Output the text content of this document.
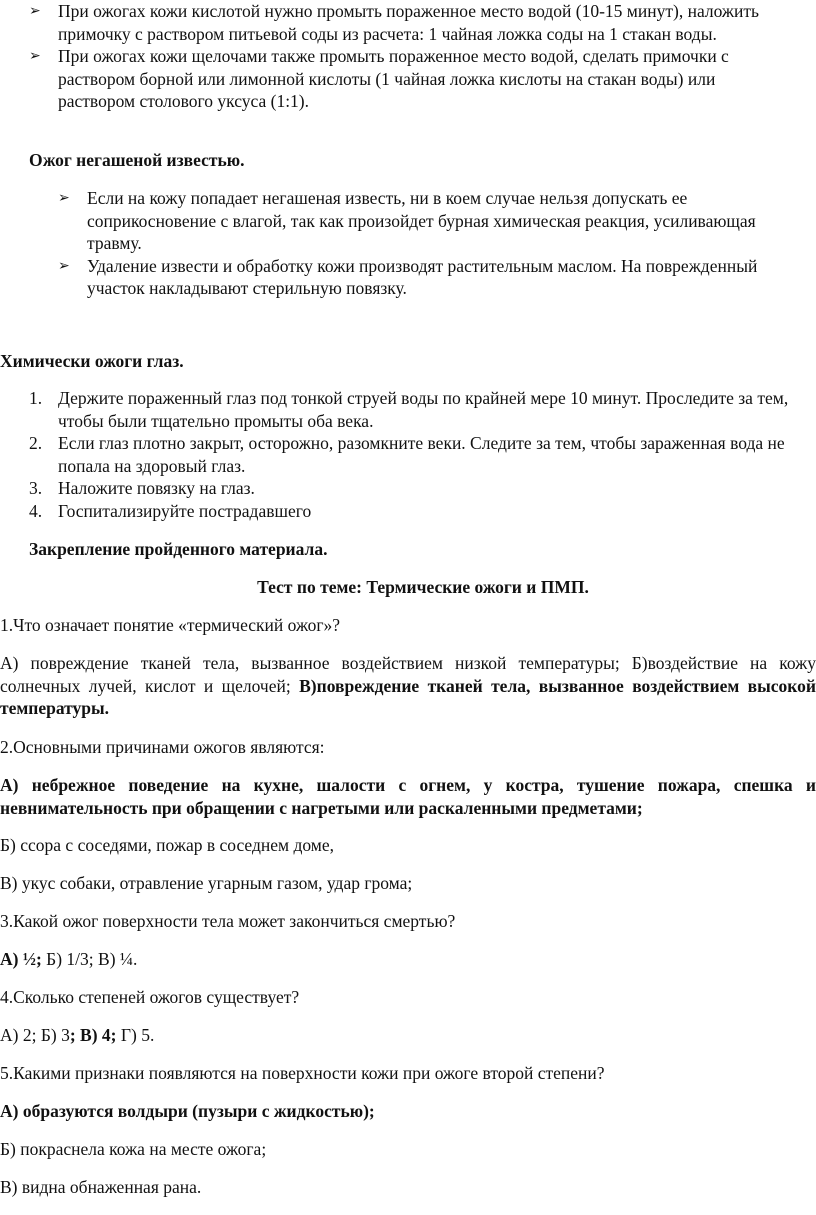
➢ При ожогах кожи кислотой нужно промыть пораженное место водой (10-15 минут), наложить примочку с раствором питьевой соды из расчета: 1 чайная ложка соды на 1 стакан воды.
➢ При ожогах кожи щелочами также промыть пораженное место водой, сделать примочки с раствором борной или лимонной кислоты (1 чайная ложка кислоты на стакан воды) или раствором столового уксуса (1:1).
Ожог негашеной известью.
➢ Если на кожу попадает негашеная известь, ни в коем случае нельзя допускать ее соприкосновение с влагой, так как произойдет бурная химическая реакция, усиливающая травму.
➢ Удаление извести и обработку кожи производят растительным маслом. На поврежденный участок накладывают стерильную повязку.
Химически ожоги глаз.
1. Держите пораженный глаз под тонкой струей воды по крайней мере 10 минут. Проследите за тем, чтобы были тщательно промыты оба века.
2. Если глаз плотно закрыт, осторожно, разомкните веки. Следите за тем, чтобы зараженная вода не попала на здоровый глаз.
3. Наложите повязку на глаз.
4. Госпитализируйте пострадавшего
Закрепление пройденного материала.
Тест по теме: Термические ожоги и ПМП.
1.Что означает понятие «термический ожог»?
А) повреждение тканей тела, вызванное воздействием низкой температуры; Б)воздействие на кожу солнечных лучей, кислот и щелочей; В)повреждение тканей тела, вызванное воздействием высокой температуры.
2.Основными причинами ожогов являются:
А) небрежное поведение на кухне, шалости с огнем, у костра, тушение пожара, спешка и невнимательность при обращении с нагретыми или раскаленными предметами;
Б) ссора с соседями, пожар в соседнем доме,
В) укус собаки, отравление угарным газом, удар грома;
3.Какой ожог поверхности тела может закончиться смертью?
А) ½; Б) 1/3; В) ¼.
4.Сколько степеней ожогов существует?
А) 2; Б) 3; В) 4; Г) 5.
5.Какими признаки появляются на поверхности кожи при ожоге второй степени?
А) образуются волдыри (пузыри с жидкостью);
Б) покраснела кожа на месте ожога;
В) видна обнаженная рана.
